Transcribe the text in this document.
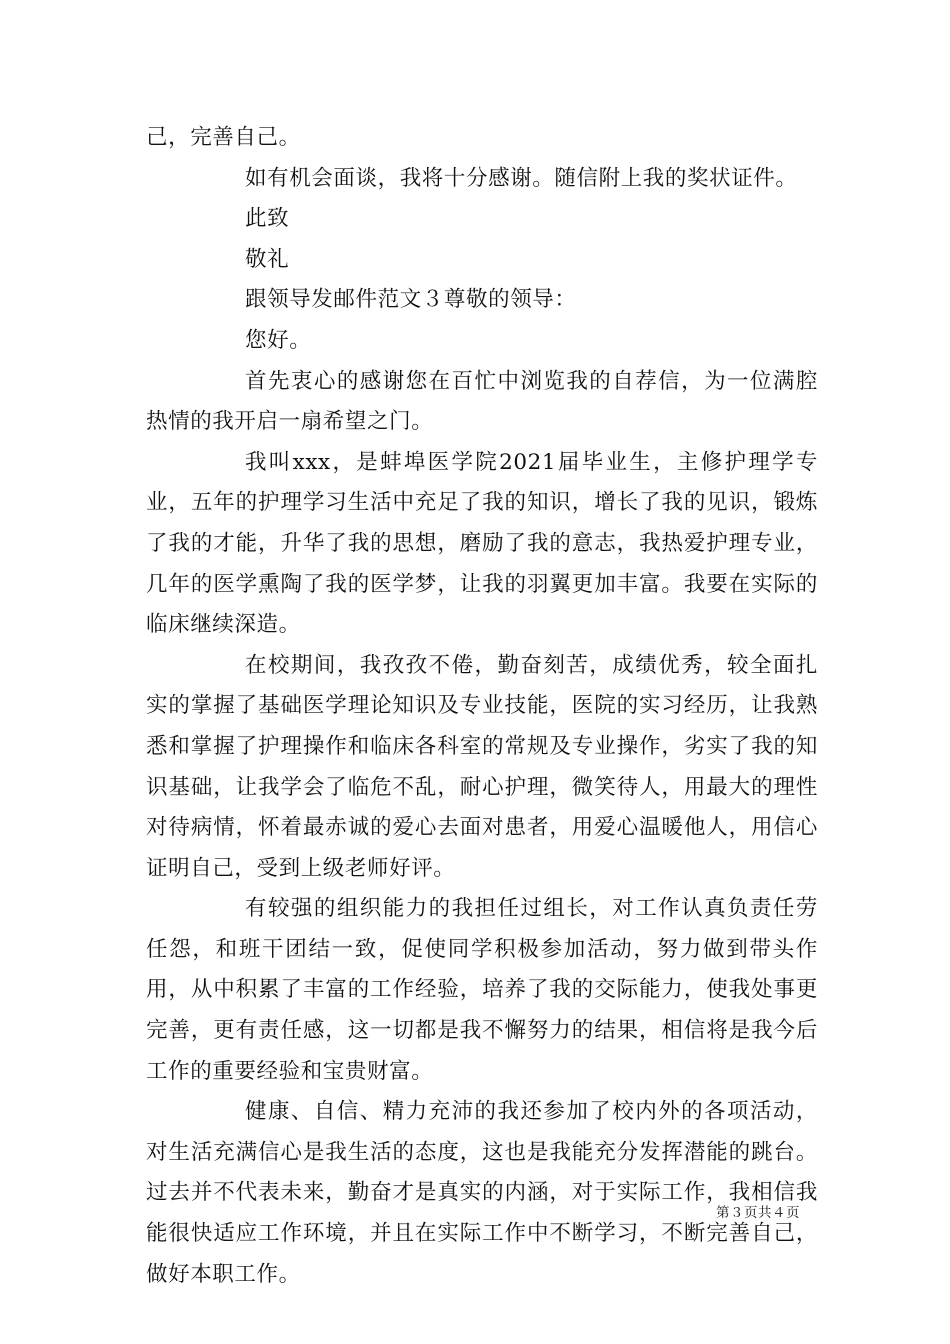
己，完善自己。

如有机会面谈，我将十分感谢。随信附上我的奖状证件。

此致

敬礼

跟领导发邮件范文３尊敬的领导：

您好。

首先衷心的感谢您在百忙中浏览我的自荐信，为一位满腔热情的我开启一扇希望之门。

我叫xxx，是蚌埠医学院2021届毕业生，主修护理学专业，五年的护理学习生活中充足了我的知识，增长了我的见识，锻炼了我的才能，升华了我的思想，磨励了我的意志，我热爱护理专业，几年的医学熏陶了我的医学梦，让我的羽翼更加丰富。我要在实际的临床继续深造。

在校期间，我孜孜不倦，勤奋刻苦，成绩优秀，较全面扎实的掌握了基础医学理论知识及专业技能，医院的实习经历，让我熟悉和掌握了护理操作和临床各科室的常规及专业操作，劣实了我的知识基础，让我学会了临危不乱，耐心护理，微笑待人，用最大的理性对待病情，怀着最赤诚的爱心去面对患者，用爱心温暖他人，用信心证明自己，受到上级老师好评。

有较强的组织能力的我担任过组长，对工作认真负责任劳任怨，和班干团结一致，促使同学积极参加活动，努力做到带头作用，从中积累了丰富的工作经验，培养了我的交际能力，使我处事更完善，更有责任感，这一切都是我不懈努力的结果，相信将是我今后工作的重要经验和宝贵财富。

健康、自信、精力充沛的我还参加了校内外的各项活动，对生活充满信心是我生活的态度，这也是我能充分发挥潜能的跳台。过去并不代表未来，勤奋才是真实的内涵，对于实际工作，我相信我能很快适应工作环境，并且在实际工作中不断学习，不断完善自己，做好本职工作。

第３页共４页
